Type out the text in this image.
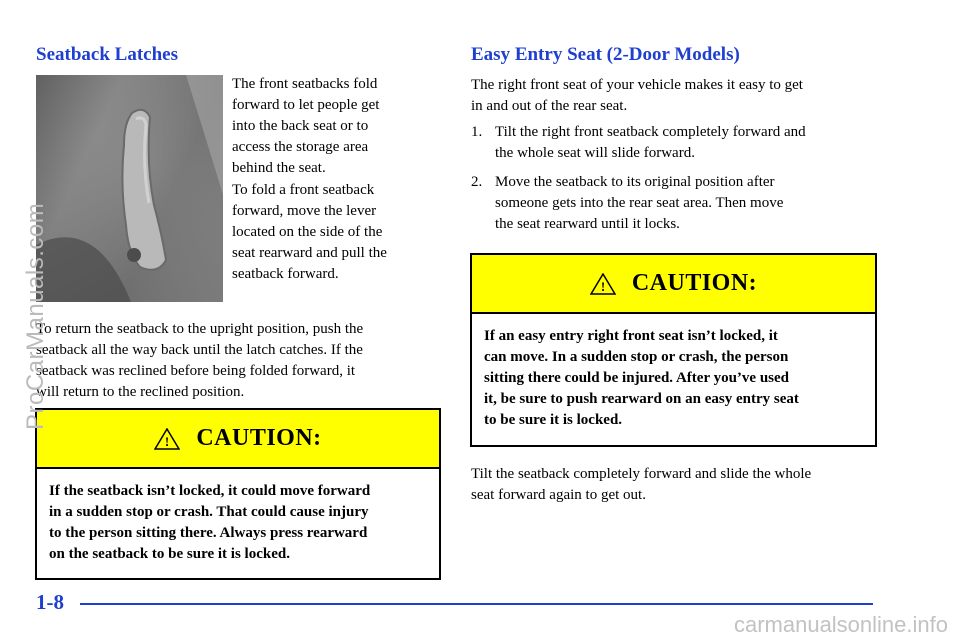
Seatback Latches
The front seatbacks fold
forward to let people get
into the back seat or to
access the storage area
behind the seat.
To fold a front seatback
forward, move the lever
located on the side of the
seat rearward and pull the
seatback forward.
To return the seatback to the upright position, push the
seatback all the way back until the latch catches. If the
seatback was reclined before being folded forward, it
will return to the reclined position.
! CAUTION:
If the seatback isn’t locked, it could move forward
in a sudden stop or crash. That could cause injury
to the person sitting there. Always press rearward
on the seatback to be sure it is locked.
Easy Entry Seat (2-Door Models)
The right front seat of your vehicle makes it easy to get
in and out of the rear seat.
1. Tilt the right front seatback completely forward and
the whole seat will slide forward.
2. Move the seatback to its original position after
someone gets into the rear seat area. Then move
the seat rearward until it locks.
! CAUTION:
If an easy entry right front seat isn’t locked, it
can move. In a sudden stop or crash, the person
sitting there could be injured. After you’ve used
it, be sure to push rearward on an easy entry seat
to be sure it is locked.
Tilt the seatback completely forward and slide the whole
seat forward again to get out.

1-8

ProCarManuals.com
carmanualsonline.info
